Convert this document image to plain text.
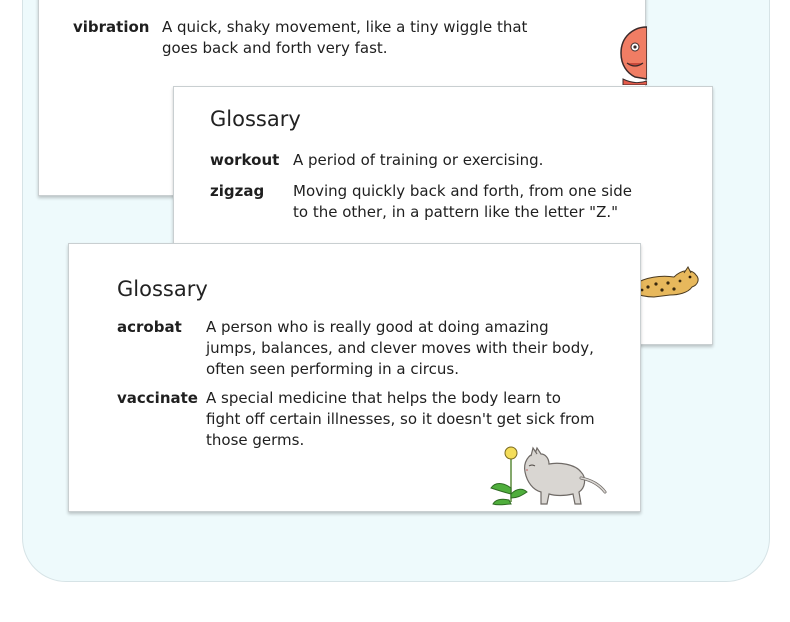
vibration A quick, shaky movement, like a tiny wiggle that goes back and forth very fast.
Glossary
workout A period of training or exercising.
zigzag Moving quickly back and forth, from one side to the other, in a pattern like the letter "Z."
Glossary
acrobat A person who is really good at doing amazing jumps, balances, and clever moves with their body, often seen performing in a circus.
vaccinate A special medicine that helps the body learn to fight off certain illnesses, so it doesn't get sick from those germs.
